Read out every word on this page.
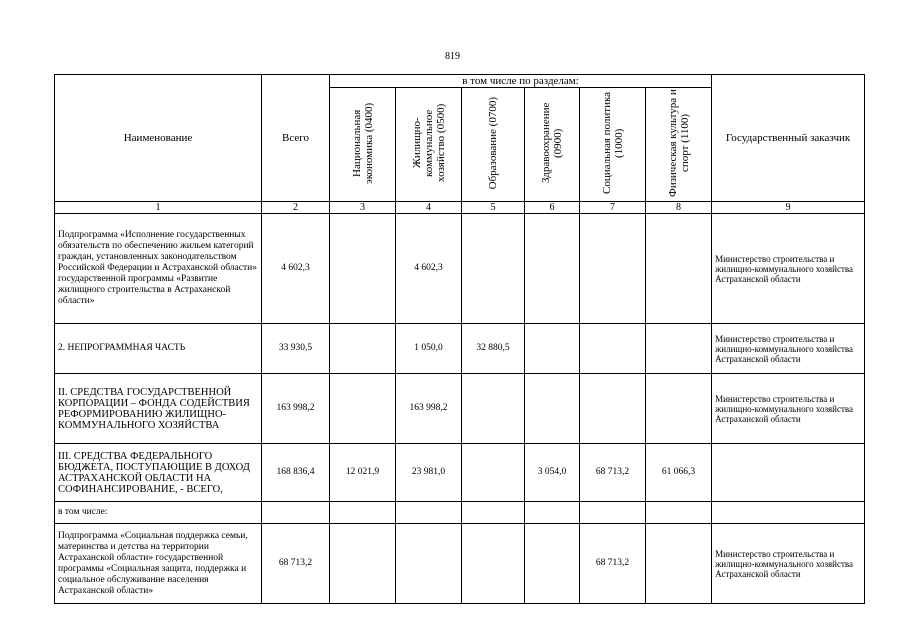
819
Наименование	Всего	в том числе по разделам:						Государственный заказчик
		Национальная экономика (0400)	Жилищно-коммунальное хозяйство (0500)	Образование (0700)	Здравоохранение (0900)	Социальная политика (1000)	Физическая культура и спорт (1100)	
1	2	3	4	5	6	7	8	9
Подпрограмма «Исполнение государственных обязательств по обеспечению жильем категорий граждан, установленных законодательством Российской Федерации и Астраханской области» государственной программы «Развитие жилищного строительства в Астраханской области»	4 602,3		4 602,3					Министерство строительства и жилищно-коммунального хозяйства Астраханской области
2. НЕПРОГРАММНАЯ ЧАСТЬ	33 930,5		1 050,0	32 880,5				Министерство строительства и жилищно-коммунального хозяйства Астраханской области
II. СРЕДСТВА ГОСУДАРСТВЕННОЙ КОРПОРАЦИИ – ФОНДА СОДЕЙСТВИЯ РЕФОРМИРОВАНИЮ ЖИЛИЩНО-КОММУНАЛЬНОГО ХОЗЯЙСТВА	163 998,2		163 998,2					Министерство строительства и жилищно-коммунального хозяйства Астраханской области
III. СРЕДСТВА ФЕДЕРАЛЬНОГО БЮДЖЕТА, ПОСТУПАЮЩИЕ В ДОХОД АСТРАХАНСКОЙ ОБЛАСТИ НА СОФИНАНСИРОВАНИЕ, - ВСЕГО,	168 836,4	12 021,9	23 981,0		3 054,0	68 713,2	61 066,3	
в том числе:								
Подпрограмма «Социальная поддержка семьи, материнства и детства на территории Астраханской области» государственной программы «Социальная защита, поддержка и социальное обслуживание населения Астраханской области»	68 713,2					68 713,2		Министерство строительства и жилищно-коммунального хозяйства Астраханской области
